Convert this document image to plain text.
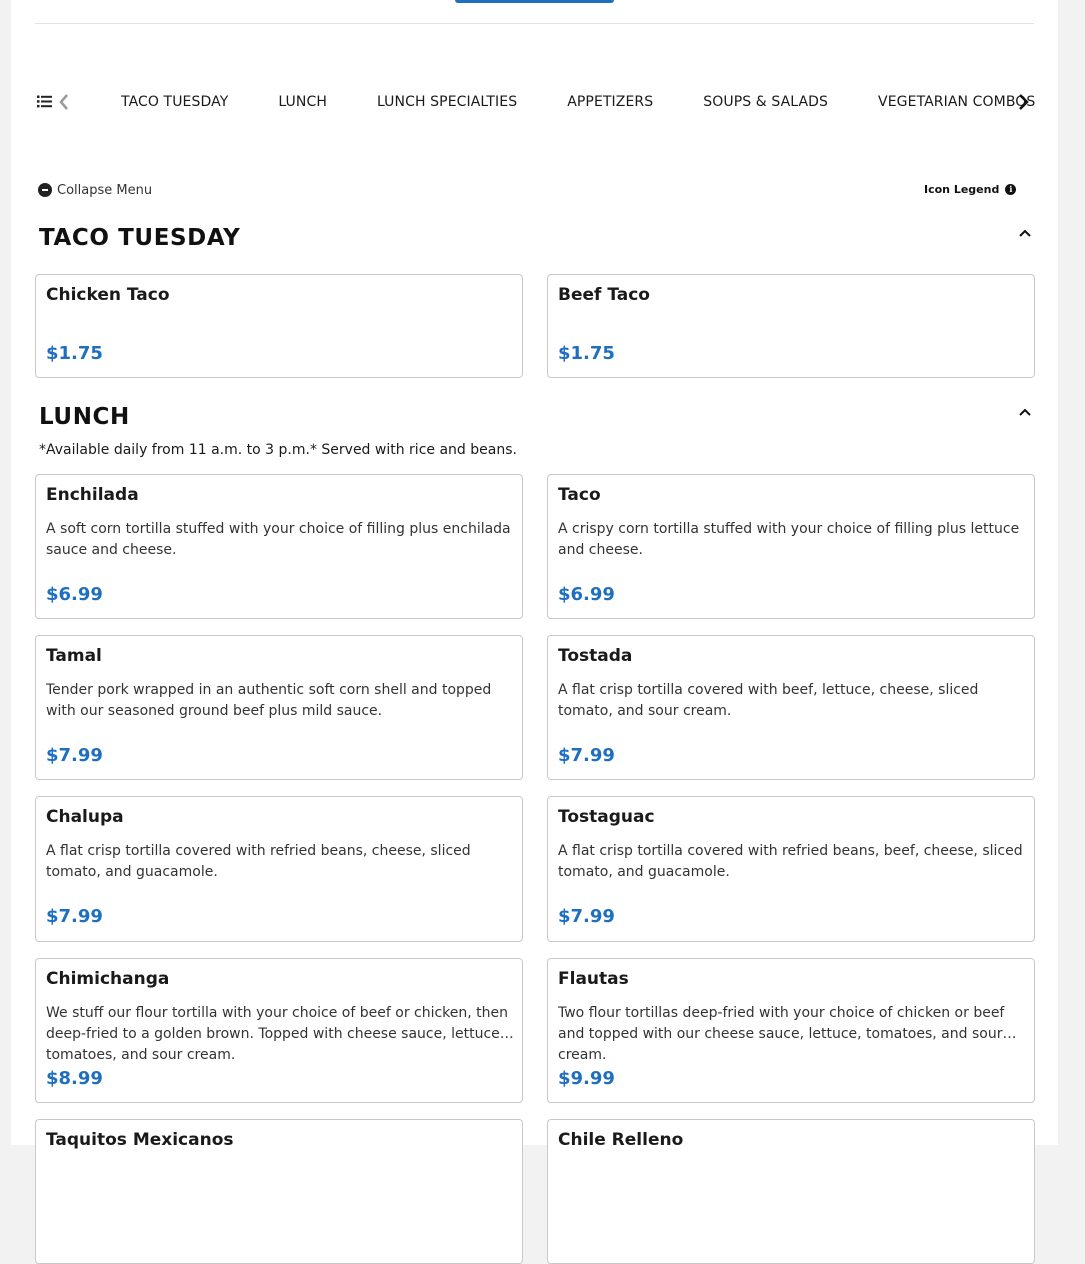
TACO TUESDAY	LUNCH	LUNCH SPECIALTIES	APPETIZERS	SOUPS & SALADS	VEGETARIAN COMBOS
Collapse Menu	Icon Legend	i
TACO TUESDAY
Chicken Taco
$1.75
Beef Taco
$1.75
LUNCH
*Available daily from 11 a.m. to 3 p.m.* Served with rice and beans.
Enchilada
A soft corn tortilla stuffed with your choice of filling plus enchilada sauce and cheese.
$6.99
Taco
A crispy corn tortilla stuffed with your choice of filling plus lettuce and cheese.
$6.99
Tamal
Tender pork wrapped in an authentic soft corn shell and topped with our seasoned ground beef plus mild sauce.
$7.99
Tostada
A flat crisp tortilla covered with beef, lettuce, cheese, sliced tomato, and sour cream.
$7.99
Chalupa
A flat crisp tortilla covered with refried beans, cheese, sliced tomato, and guacamole.
$7.99
Tostaguac
A flat crisp tortilla covered with refried beans, beef, cheese, sliced tomato, and guacamole.
$7.99
Chimichanga
We stuff our flour tortilla with your choice of beef or chicken, then deep-fried to a golden brown. Topped with cheese sauce, lettuce, tomatoes, and sour cream.
$8.99
Flautas
Two flour tortillas deep-fried with your choice of chicken or beef and topped with our cheese sauce, lettuce, tomatoes, and sour cream.
$9.99
Taquitos Mexicanos	Chile Relleno
